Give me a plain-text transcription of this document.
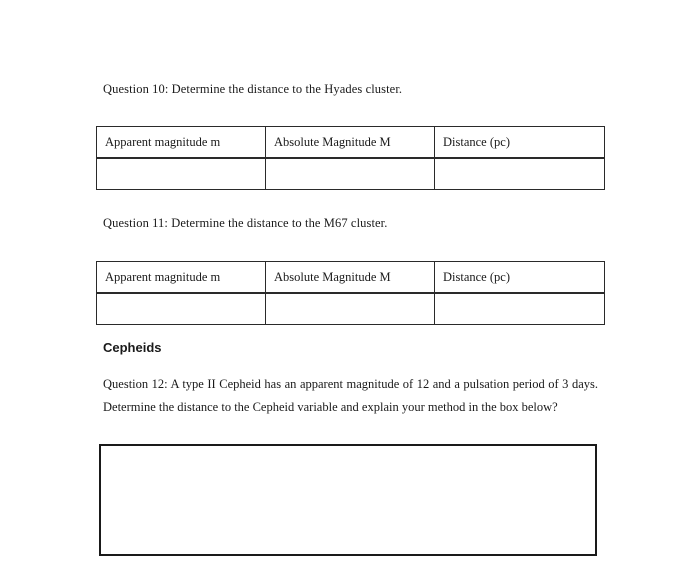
Question 10: Determine the distance to the Hyades cluster.
Apparent magnitude m	Absolute Magnitude M	Distance (pc)

Question 11: Determine the distance to the M67 cluster.
Apparent magnitude m	Absolute Magnitude M	Distance (pc)

Cepheids
Question 12: A type II Cepheid has an apparent magnitude of 12 and a pulsation period of 3 days. Determine the distance to the Cepheid variable and explain your method in the box below?
